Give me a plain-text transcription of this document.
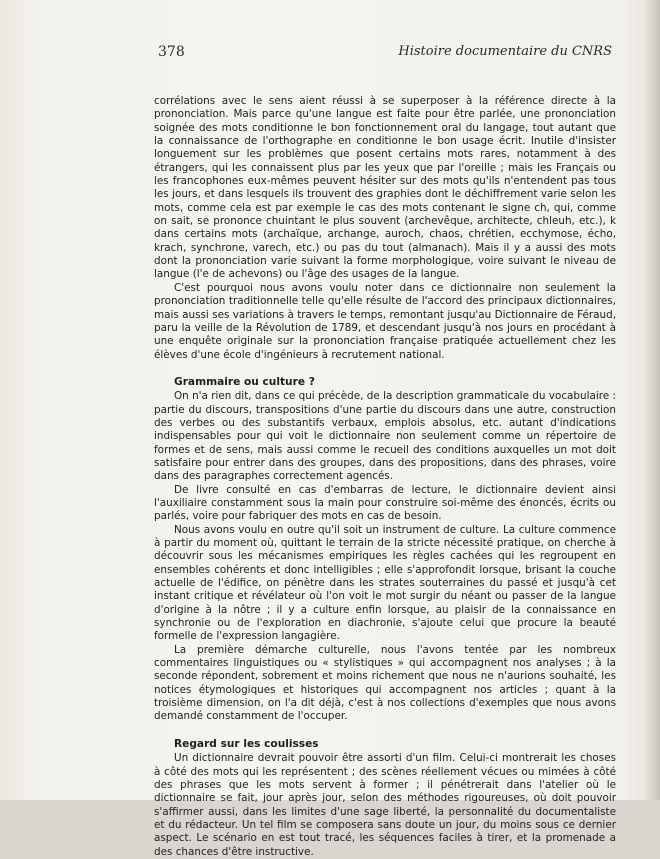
378	Histoire documentaire du CNRS

corrélations avec le sens aient réussi à se superposer à la référence directe à la prononciation. Mais parce qu'une langue est faite pour être parlée, une prononciation soignée des mots conditionne le bon fonctionnement oral du langage, tout autant que la connaissance de l'orthographe en conditionne le bon usage écrit. Inutile d'insister longuement sur les problèmes que posent certains mots rares, notamment à des étrangers, qui les connaissent plus par les yeux que par l'oreille ; mais les Français ou les francophones eux-mêmes peuvent hésiter sur des mots qu'ils n'entendent pas tous les jours, et dans lesquels ils trouvent des graphies dont le déchiffrement varie selon les mots, comme cela est par exemple le cas des mots contenant le signe ch, qui, comme on sait, se prononce chuintant le plus souvent (archevêque, architecte, chleuh, etc.), k dans certains mots (archaïque, archange, auroch, chaos, chrétien, ecchymose, écho, krach, synchrone, varech, etc.) ou pas du tout (almanach). Mais il y a aussi des mots dont la prononciation varie suivant la forme morphologique, voire suivant le niveau de langue (l'e de achevons) ou l'âge des usages de la langue.

C'est pourquoi nous avons voulu noter dans ce dictionnaire non seulement la prononciation traditionnelle telle qu'elle résulte de l'accord des principaux dictionnaires, mais aussi ses variations à travers le temps, remontant jusqu'au Dictionnaire de Féraud, paru la veille de la Révolution de 1789, et descendant jusqu'à nos jours en procédant à une enquête originale sur la prononciation française pratiquée actuellement chez les élèves d'une école d'ingénieurs à recrutement national.

Grammaire ou culture ?

On n'a rien dit, dans ce qui précède, de la description grammaticale du vocabulaire : partie du discours, transpositions d'une partie du discours dans une autre, construction des verbes ou des substantifs verbaux, emplois absolus, etc. autant d'indications indispensables pour qui voit le dictionnaire non seulement comme un répertoire de formes et de sens, mais aussi comme le recueil des conditions auxquelles un mot doit satisfaire pour entrer dans des groupes, dans des propositions, dans des phrases, voire dans des paragraphes correctement agencés.

De livre consulté en cas d'embarras de lecture, le dictionnaire devient ainsi l'auxiliaire constamment sous la main pour construire soi-même des énoncés, écrits ou parlés, voire pour fabriquer des mots en cas de besoin.

Nous avons voulu en outre qu'il soit un instrument de culture. La culture commence à partir du moment où, quittant le terrain de la stricte nécessité pratique, on cherche à découvrir sous les mécanismes empiriques les règles cachées qui les regroupent en ensembles cohérents et donc intelligibles ; elle s'approfondit lorsque, brisant la couche actuelle de l'édifice, on pénètre dans les strates souterraines du passé et jusqu'à cet instant critique et révélateur où l'on voit le mot surgir du néant ou passer de la langue d'origine à la nôtre ; il y a culture enfin lorsque, au plaisir de la connaissance en synchronie ou de l'exploration en diachronie, s'ajoute celui que procure la beauté formelle de l'expression langagière.

La première démarche culturelle, nous l'avons tentée par les nombreux commentaires linguistiques ou « stylistiques » qui accompagnent nos analyses ; à la seconde répondent, sobrement et moins richement que nous ne n'aurions souhaité, les notices étymologiques et historiques qui accompagnent nos articles ; quant à la troisième dimension, on l'a dit déjà, c'est à nos collections d'exemples que nous avons demandé constamment de l'occuper.

Regard sur les coulisses

Un dictionnaire devrait pouvoir être assorti d'un film. Celui-ci montrerait les choses à côté des mots qui les représentent ; des scènes réellement vécues ou mimées à côté des phrases que les mots servent à former ; il pénétrerait dans l'atelier où le dictionnaire se fait, jour après jour, selon des méthodes rigoureuses, où doit pouvoir s'affirmer aussi, dans les limites d'une sage liberté, la personnalité du documentaliste et du rédacteur. Un tel film se composera sans doute un jour, du moins sous ce dernier aspect. Le scénario en est tout tracé, les séquences faciles à tirer, et la promenade a des chances d'être instructive.
